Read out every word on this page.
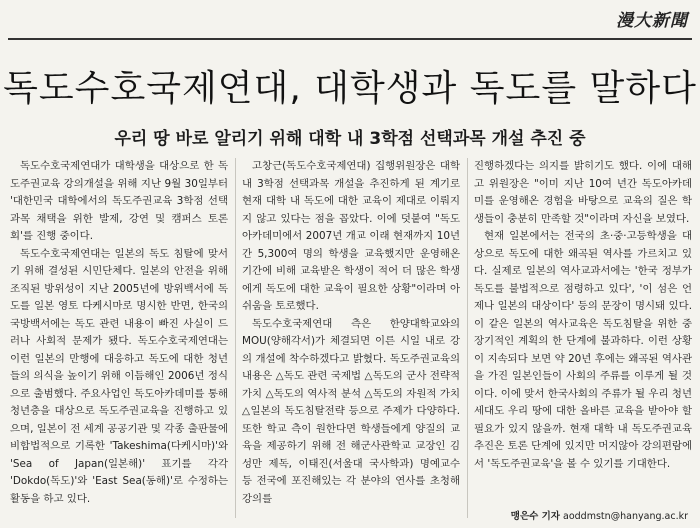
漫大新聞
독도수호국제연대, 대학생과 독도를 말하다
우리 땅 바로 알리기 위해 대학 내 3학점 선택과목 개설 추진 중

독도수호국제연대가 대학생을 대상으로 한 독도주권교육 강의개설을 위해 지난 9월 30일부터 '대한민국 대학에서의 독도주권교육 3학점 선택과목 채택을 위한 발제, 강연 및 캠퍼스 토론회'를 진행 중이다.

독도수호국제연대는 일본의 독도 침탈에 맞서기 위해 결성된 시민단체다. 일본의 안전을 위해 조직된 방위성이 지난 2005년에 방위백서에 독도를 일본 영토 다케시마로 명시한 반면, 한국의 국방백서에는 독도 관련 내용이 빠진 사실이 드러나 사회적 문제가 됐다. 독도수호국제연대는 이런 일본의 만행에 대응하고 독도에 대한 청년들의 의식을 높이기 위해 이듬해인 2006년 정식으로 출범했다. 주요사업인 독도아카데미를 통해 청년층을 대상으로 독도주권교육을 진행하고 있으며, 일본이 전 세계 공공기관 및 각종 출판물에 비합법적으로 기록한 'Takeshima(다케시마)'와 'Sea of Japan(일본해)' 표기를 각각 'Dokdo(독도)'와 'East Sea(동해)'로 수정하는 활동을 하고 있다.

고창근(독도수호국제연대) 집행위원장은 대학 내 3학점 선택과목 개설을 추진하게 된 계기로 현재 대학 내 독도에 대한 교육이 제대로 이뤄지지 않고 있다는 점을 꼽았다. 이에 덧붙여 "독도아카데미에서 2007년 개교 이래 현재까지 10년간 5,300여 명의 학생을 교육했지만 운영해온 기간에 비해 교육받은 학생이 적어 더 많은 학생에게 독도에 대한 교육이 필요한 상황"이라며 아쉬움을 토로했다.

독도수호국제연대 측은 한양대학교와의 MOU(양해각서)가 체결되면 이른 시일 내로 강의 개설에 착수하겠다고 밝혔다. 독도주권교육의 내용은 △독도 관련 국제법 △독도의 군사 전략적 가치 △독도의 역사적 분석 △독도의 자원적 가치 △일본의 독도침탈전략 등으로 주제가 다양하다. 또한 학교 측이 원한다면 학생들에게 양질의 교육을 제공하기 위해 전 해군사관학교 교장인 김성만 제독, 이태진(서울대 국사학과) 명예교수 등 전국에 포진해있는 각 분야의 연사를 초청해 강의를

진행하겠다는 의지를 밝히기도 했다. 이에 대해 고 위원장은 "이미 지난 10여 년간 독도아카데미를 운영해온 경험을 바탕으로 교육의 질은 학생들이 충분히 만족할 것"이라며 자신을 보였다.

현재 일본에서는 전국의 초·중·고등학생을 대상으로 독도에 대한 왜곡된 역사를 가르치고 있다. 실제로 일본의 역사교과서에는 '한국 정부가 독도를 불법적으로 점령하고 있다', '이 섬은 언제나 일본의 대상이다' 등의 문장이 명시돼 있다. 이 같은 일본의 역사교육은 독도침탈을 위한 중장기적인 계획의 한 단계에 불과하다. 이런 상황이 지속되다 보면 약 20년 후에는 왜곡된 역사관을 가진 일본인들이 사회의 주류를 이루게 될 것이다. 이에 맞서 한국사회의 주류가 될 우리 청년 세대도 우리 땅에 대한 올바른 교육을 받아야 할 필요가 있지 않을까. 현재 대학 내 독도주권교육 추진은 토론 단계에 있지만 머지않아 강의편람에서 '독도주권교육'을 볼 수 있기를 기대한다.

맹은수 기자 aoddmstn@hanyang.ac.kr
